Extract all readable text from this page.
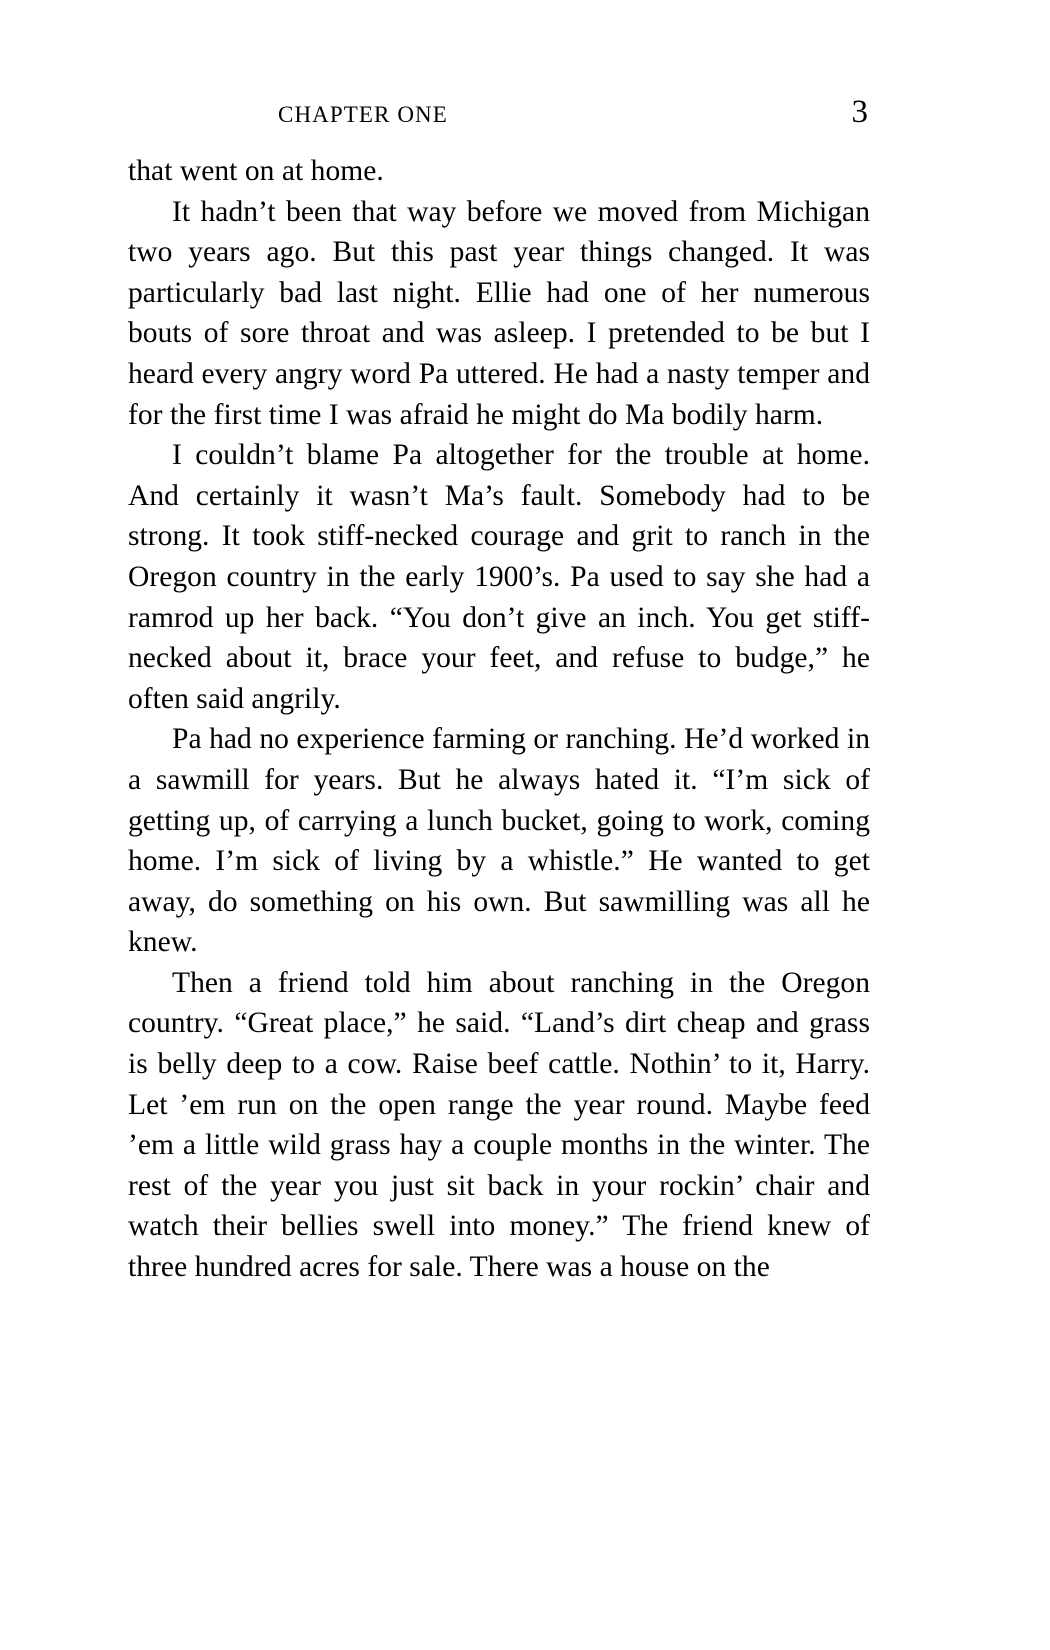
CHAPTER ONE	3

that went on at home.

It hadn’t been that way before we moved from Michigan two years ago. But this past year things changed. It was particularly bad last night. Ellie had one of her numerous bouts of sore throat and was asleep. I pretended to be but I heard every angry word Pa uttered. He had a nasty temper and for the first time I was afraid he might do Ma bodily harm.

I couldn’t blame Pa altogether for the trouble at home. And certainly it wasn’t Ma’s fault. Somebody had to be strong. It took stiff-necked courage and grit to ranch in the Oregon country in the early 1900’s. Pa used to say she had a ramrod up her back. “You don’t give an inch. You get stiff-necked about it, brace your feet, and refuse to budge,” he often said angrily.

Pa had no experience farming or ranching. He’d worked in a sawmill for years. But he always hated it. “I’m sick of getting up, of carrying a lunch bucket, going to work, coming home. I’m sick of living by a whistle.” He wanted to get away, do something on his own. But sawmilling was all he knew.

Then a friend told him about ranching in the Oregon country. “Great place,” he said. “Land’s dirt cheap and grass is belly deep to a cow. Raise beef cattle. Nothin’ to it, Harry. Let ’em run on the open range the year round. Maybe feed ’em a little wild grass hay a couple months in the winter. The rest of the year you just sit back in your rockin’ chair and watch their bellies swell into money.” The friend knew of three hundred acres for sale. There was a house on the
